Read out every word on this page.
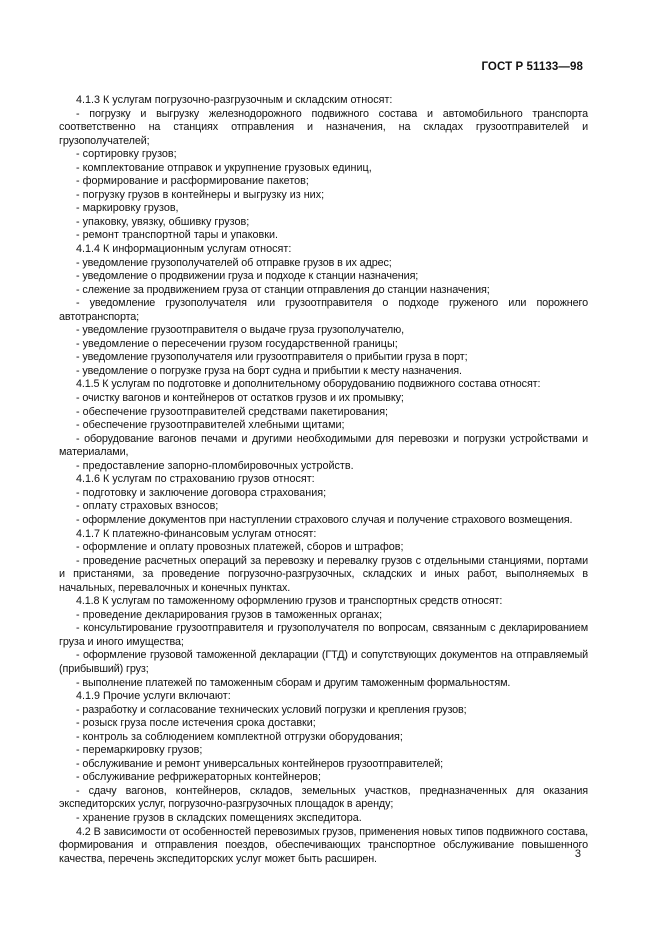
ГОСТ Р 51133—98

4.1.3 К услугам погрузочно-разгрузочным и складским относят:

- погрузку и выгрузку железнодорожного подвижного состава и автомобильного транспорта соответственно на станциях отправления и назначения, на складах грузоотправителей и грузополучателей;

- сортировку грузов;

- комплектование отправок и укрупнение грузовых единиц,

- формирование и расформирование пакетов;

- погрузку грузов в контейнеры и выгрузку из них;

- маркировку грузов,

- упаковку, увязку, обшивку грузов;

- ремонт транспортной тары и упаковки.

4.1.4 К информационным услугам относят:

- уведомление грузополучателей об отправке грузов в их адрес;

- уведомление о продвижении груза и подходе к станции назначения;

- слежение за продвижением груза от станции отправления до станции назначения;

- уведомление грузополучателя или грузоотправителя о подходе груженого или порожнего автотранспорта;

- уведомление грузоотправителя о выдаче груза грузополучателю,

- уведомление о пересечении грузом государственной границы;

- уведомление грузополучателя или грузоотправителя о прибытии груза в порт;

- уведомление о погрузке груза на борт судна и прибытии к месту назначения.

4.1.5 К услугам по подготовке и дополнительному оборудованию подвижного состава относят:

- очистку вагонов и контейнеров от остатков грузов и их промывку;

- обеспечение грузоотправителей средствами пакетирования;

- обеспечение грузоотправителей хлебными щитами;

- оборудование вагонов печами и другими необходимыми для перевозки и погрузки устройствами и материалами,

- предоставление запорно-пломбировочных устройств.

4.1.6 К услугам по страхованию грузов относят:

- подготовку и заключение договора страхования;

- оплату страховых взносов;

- оформление документов при наступлении страхового случая и получение страхового возмещения.

4.1.7 К платежно-финансовым услугам относят:

- оформление и оплату провозных платежей, сборов и штрафов;

- проведение расчетных операций за перевозку и перевалку грузов с отдельными станциями, портами и пристанями, за проведение погрузочно-разгрузочных, складских и иных работ, выполняемых в начальных, перевалочных и конечных пунктах.

4.1.8 К услугам по таможенному оформлению грузов и транспортных средств относят:

- проведение декларирования грузов в таможенных органах;

- консультирование грузоотправителя и грузополучателя по вопросам, связанным с декларированием груза и иного имущества;

- оформление грузовой таможенной декларации (ГТД) и сопутствующих документов на отправляемый (прибывший) груз;

- выполнение платежей по таможенным сборам и другим таможенным формальностям.

4.1.9 Прочие услуги включают:

- разработку и согласование технических условий погрузки и крепления грузов;

- розыск груза после истечения срока доставки;

- контроль за соблюдением комплектной отгрузки оборудования;

- перемаркировку грузов;

- обслуживание и ремонт универсальных контейнеров грузоотправителей;

- обслуживание рефрижераторных контейнеров;

- сдачу вагонов, контейнеров, складов, земельных участков, предназначенных для оказания экспедиторских услуг, погрузочно-разгрузочных площадок в аренду;

- хранение грузов в складских помещениях экспедитора.

4.2 В зависимости от особенностей перевозимых грузов, применения новых типов подвижного состава, формирования и отправления поездов, обеспечивающих транспортное обслуживание повышенного качества, перечень экспедиторских услуг может быть расширен.	3
